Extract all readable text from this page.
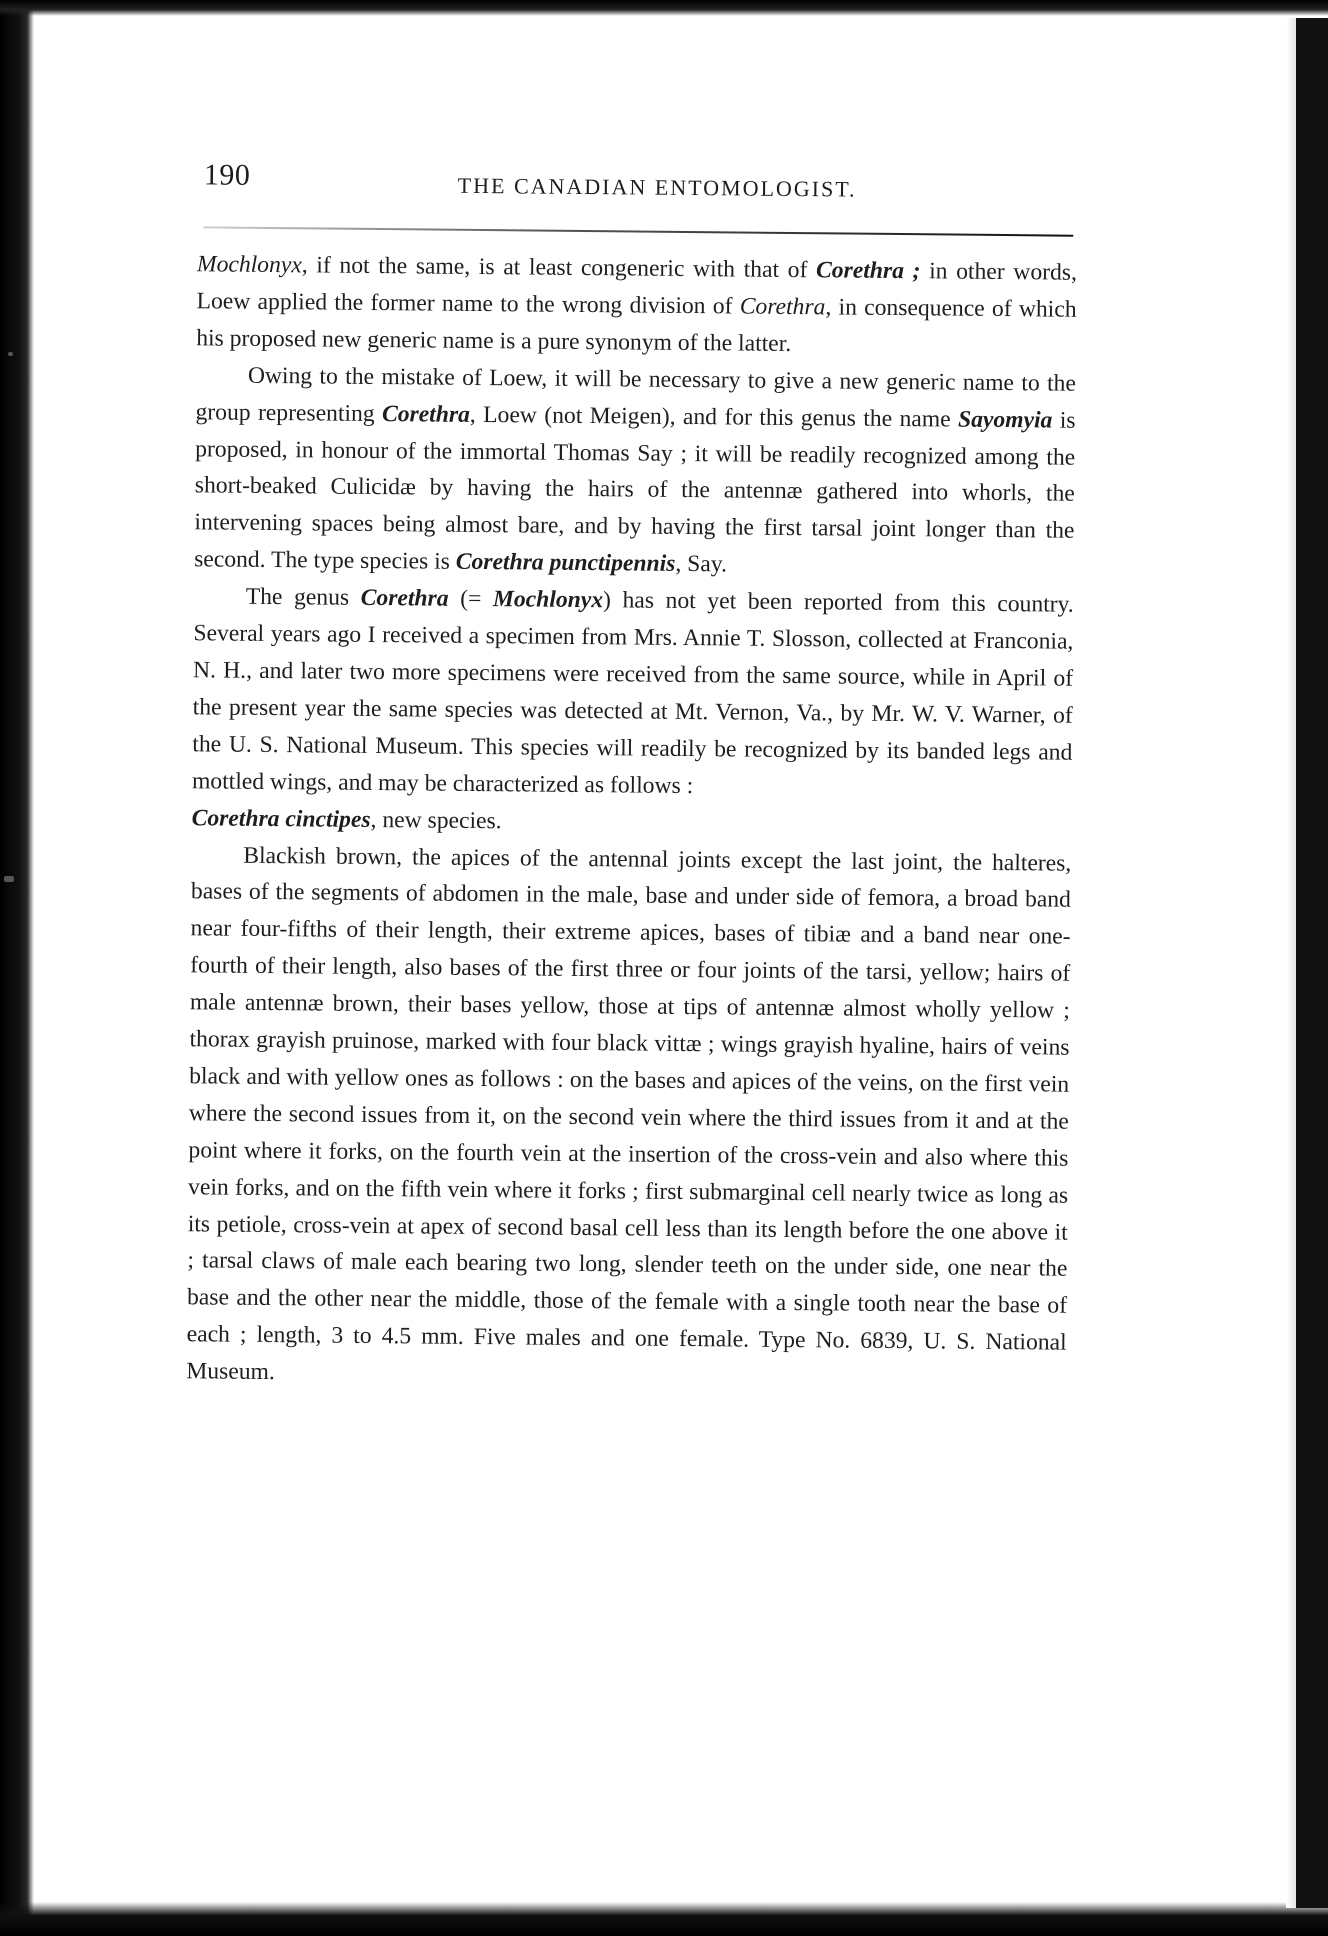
190	THE CANADIAN ENTOMOLOGIST.

Mochlonyx, if not the same, is at least congeneric with that of Corethra ; in other words, Loew applied the former name to the wrong division of Corethra, in consequence of which his proposed new generic name is a pure synonym of the latter.

Owing to the mistake of Loew, it will be necessary to give a new generic name to the group representing Corethra, Loew (not Meigen), and for this genus the name Sayomyia is proposed, in honour of the immortal Thomas Say ; it will be readily recognized among the short-beaked Culicidæ by having the hairs of the antennæ gathered into whorls, the intervening spaces being almost bare, and by having the first tarsal joint longer than the second. The type species is Corethra punctipennis, Say.

The genus Corethra (= Mochlonyx) has not yet been reported from this country. Several years ago I received a specimen from Mrs. Annie T. Slosson, collected at Franconia, N. H., and later two more specimens were received from the same source, while in April of the present year the same species was detected at Mt. Vernon, Va., by Mr. W. V. Warner, of the U. S. National Museum. This species will readily be recognized by its banded legs and mottled wings, and may be characterized as follows :

Corethra cinctipes, new species.

Blackish brown, the apices of the antennal joints except the last joint, the halteres, bases of the segments of abdomen in the male, base and under side of femora, a broad band near four-fifths of their length, their extreme apices, bases of tibiæ and a band near one-fourth of their length, also bases of the first three or four joints of the tarsi, yellow; hairs of male antennæ brown, their bases yellow, those at tips of antennæ almost wholly yellow ; thorax grayish pruinose, marked with four black vittæ ; wings grayish hyaline, hairs of veins black and with yellow ones as follows : on the bases and apices of the veins, on the first vein where the second issues from it, on the second vein where the third issues from it and at the point where it forks, on the fourth vein at the insertion of the cross-vein and also where this vein forks, and on the fifth vein where it forks ; first submarginal cell nearly twice as long as its petiole, cross-vein at apex of second basal cell less than its length before the one above it ; tarsal claws of male each bearing two long, slender teeth on the under side, one near the base and the other near the middle, those of the female with a single tooth near the base of each ; length, 3 to 4.5 mm. Five males and one female. Type No. 6839, U. S. National Museum.
